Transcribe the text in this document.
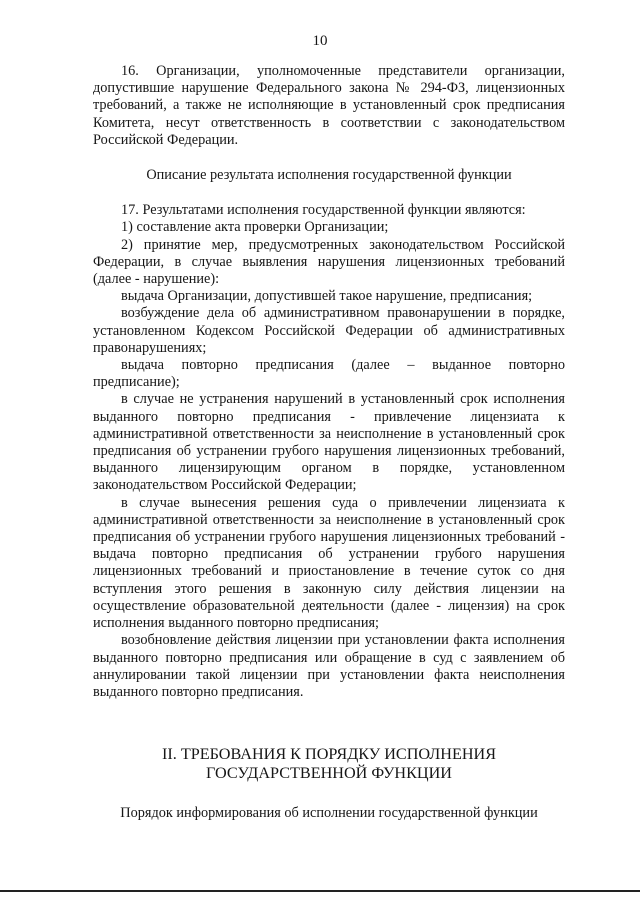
10

16. Организации, уполномоченные представители организации, допустившие нарушение Федерального закона № 294-ФЗ, лицензионных требований, а также не исполняющие в установленный срок предписания Комитета, несут ответственность в соответствии с законодательством Российской Федерации.

Описание результата исполнения государственной функции

17. Результатами исполнения государственной функции являются:

1) составление акта проверки Организации;

2) принятие мер, предусмотренных законодательством Российской Федерации, в случае выявления нарушения лицензионных требований (далее - нарушение):

выдача Организации, допустившей такое нарушение, предписания;

возбуждение дела об административном правонарушении в порядке, установленном Кодексом Российской Федерации об административных правонарушениях;

выдача повторно предписания (далее – выданное повторно предписание);

в случае не устранения нарушений в установленный срок исполнения выданного повторно предписания - привлечение лицензиата к административной ответственности за неисполнение в установленный срок предписания об устранении грубого нарушения лицензионных требований, выданного лицензирующим органом в порядке, установленном законодательством Российской Федерации;

в случае вынесения решения суда о привлечении лицензиата к административной ответственности за неисполнение в установленный срок предписания об устранении грубого нарушения лицензионных требований - выдача повторно предписания об устранении грубого нарушения лицензионных требований и приостановление в течение суток со дня вступления этого решения в законную силу действия лицензии на осуществление образовательной деятельности (далее - лицензия) на срок исполнения выданного повторно предписания;

возобновление действия лицензии при установлении факта исполнения выданного повторно предписания или обращение в суд с заявлением об аннулировании такой лицензии при установлении факта неисполнения выданного повторно предписания.

II. ТРЕБОВАНИЯ К ПОРЯДКУ ИСПОЛНЕНИЯ ГОСУДАРСТВЕННОЙ ФУНКЦИИ

Порядок информирования об исполнении государственной функции
